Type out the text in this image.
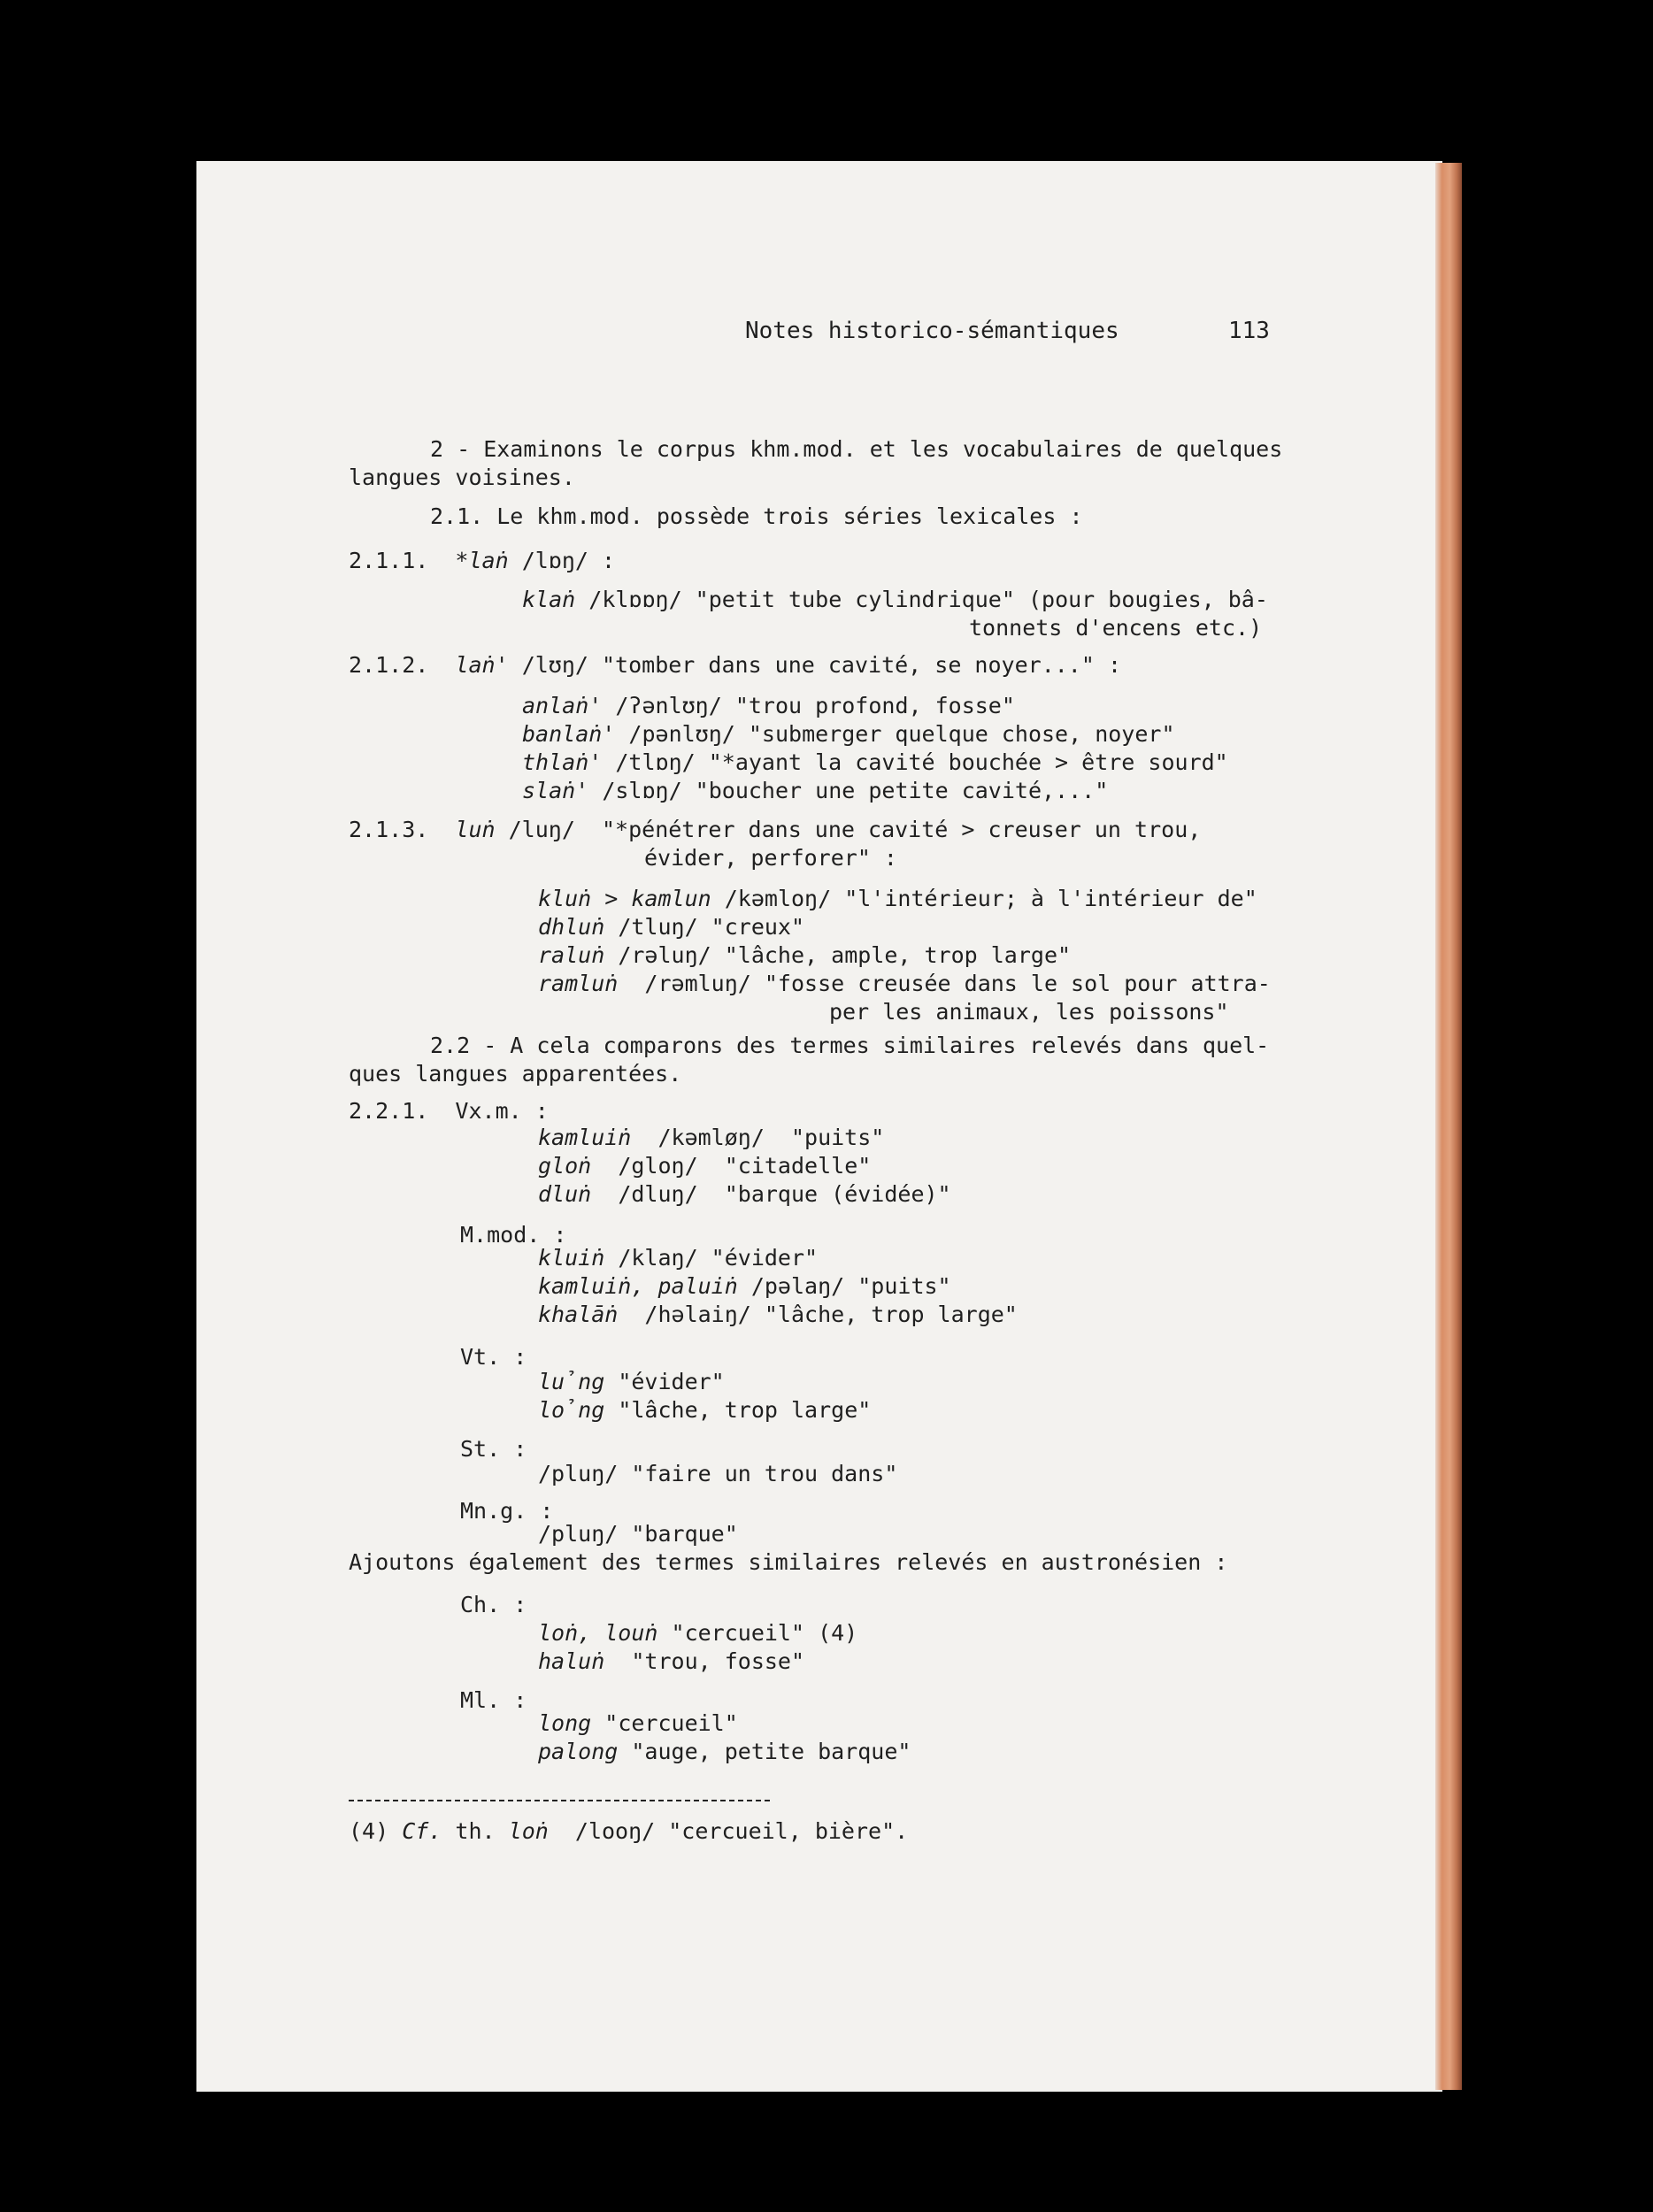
Notes historico-sémantiques	113
2 - Examinons le corpus khm.mod. et les vocabulaires de quelques
langues voisines.
2.1. Le khm.mod. possède trois séries lexicales :
2.1.1. *laṅ /lɒŋ/ :
klaṅ /klɒɒŋ/ "petit tube cylindrique" (pour bougies, bâ-
tonnets d'encens etc.)
2.1.2. laṅ' /lʊŋ/ "tomber dans une cavité, se noyer..." :
anlaṅ' /ʔənlʊŋ/ "trou profond, fosse"
banlaṅ' /pənlʊŋ/ "submerger quelque chose, noyer"
thlaṅ' /tlɒŋ/ "*ayant la cavité bouchée > être sourd"
slaṅ' /slɒŋ/ "boucher une petite cavité,..."
2.1.3. luṅ /luŋ/  "*pénétrer dans une cavité > creuser un trou,
évider, perforer" :
kluṅ > kamlun /kəmloŋ/ "l'intérieur; à l'intérieur de"
dhluṅ /tluŋ/ "creux"
raluṅ /rəluŋ/ "lâche, ample, trop large"
ramluṅ  /rəmluŋ/ "fosse creusée dans le sol pour attra-
per les animaux, les poissons"
2.2 - A cela comparons des termes similaires relevés dans quel-
ques langues apparentées.
2.2.1. Vx.m. :
kamluiṅ  /kəmløŋ/  "puits"
gloṅ  /gloŋ/  "citadelle"
dluṅ  /dluŋ/  "barque (évidée)"
M.mod. :
kluiṅ /klaŋ/ "évider"
kamluiṅ, paluiṅ /pəlaŋ/ "puits"
khalāṅ  /həlaiŋ/ "lâche, trop large"
Vt. :
lủng "évider"
lỏng "lâche, trop large"
St. :
/pluŋ/ "faire un trou dans"
Mn.g. :
/pluŋ/ "barque"
Ajoutons également des termes similaires relevés en austronésien :
Ch. :
loṅ, louṅ "cercueil" (4)
haluṅ  "trou, fosse"
Ml. :
long "cercueil"
palong "auge, petite barque"
(4) Cf. th. loṅ  /looŋ/ "cercueil, bière".
